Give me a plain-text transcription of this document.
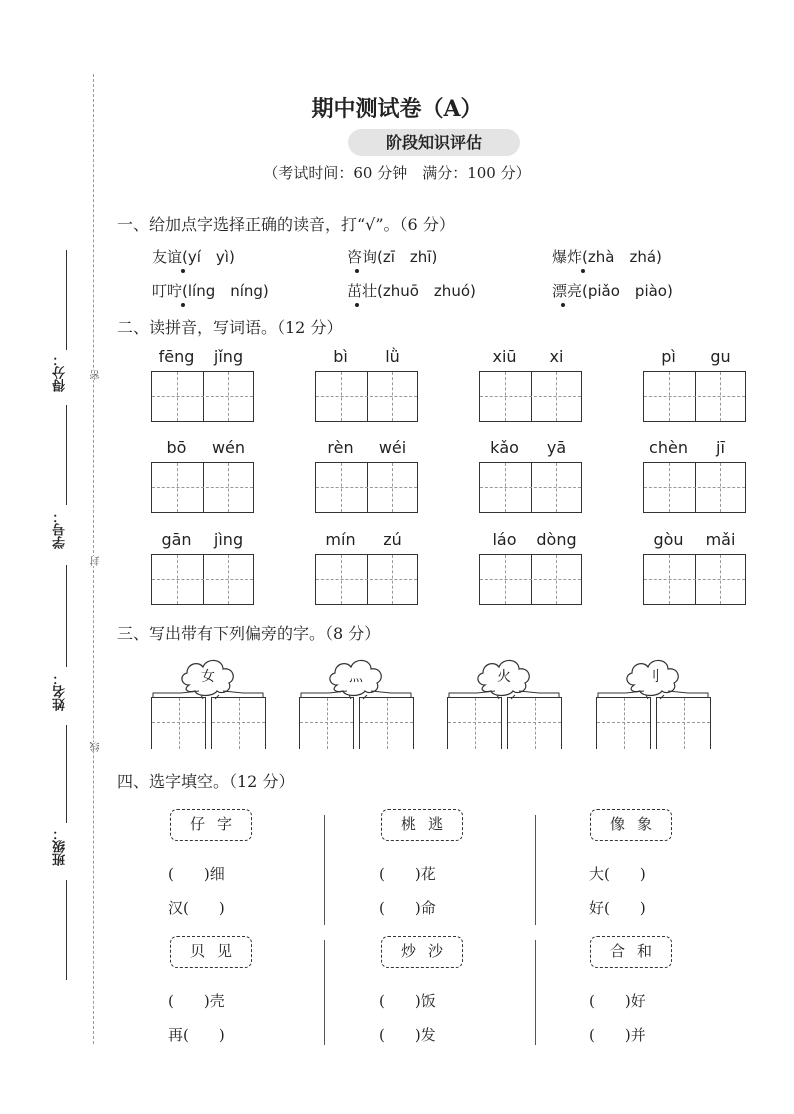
得分：
学号：
姓名：
班级：
密
封
线
期中测试卷（A）
阶段知识评估
（考试时间：60 分钟　满分：100 分）
一、给加点字选择正确的读音，打“√”。（6 分）
友谊(yí　yì)	咨询(zī　zhī)	爆炸(zhà　zhá)
叮咛(líng　níng)	茁壮(zhuō　zhuó)	漂亮(piǎo　piào)
二、读拼音，写词语。（12 分）
fēng	jǐng	bì	lǜ	xiū	xi	pì	gu
bō	wén	rèn	wéi	kǎo	yā	chèn	jī
gān	jìng	mín	zú	láo	dòng	gòu	mǎi
三、写出带有下列偏旁的字。（8 分）
女	灬	火	刂
四、选字填空。（12 分）
仔字
(　　)细
汉(　　)
桃逃
(　　)花
(　　)命
像象
大(　　)
好(　　)
贝见
(　　)壳
再(　　)
炒沙
(　　)饭
(　　)发
合和
(　　)好
(　　)并
